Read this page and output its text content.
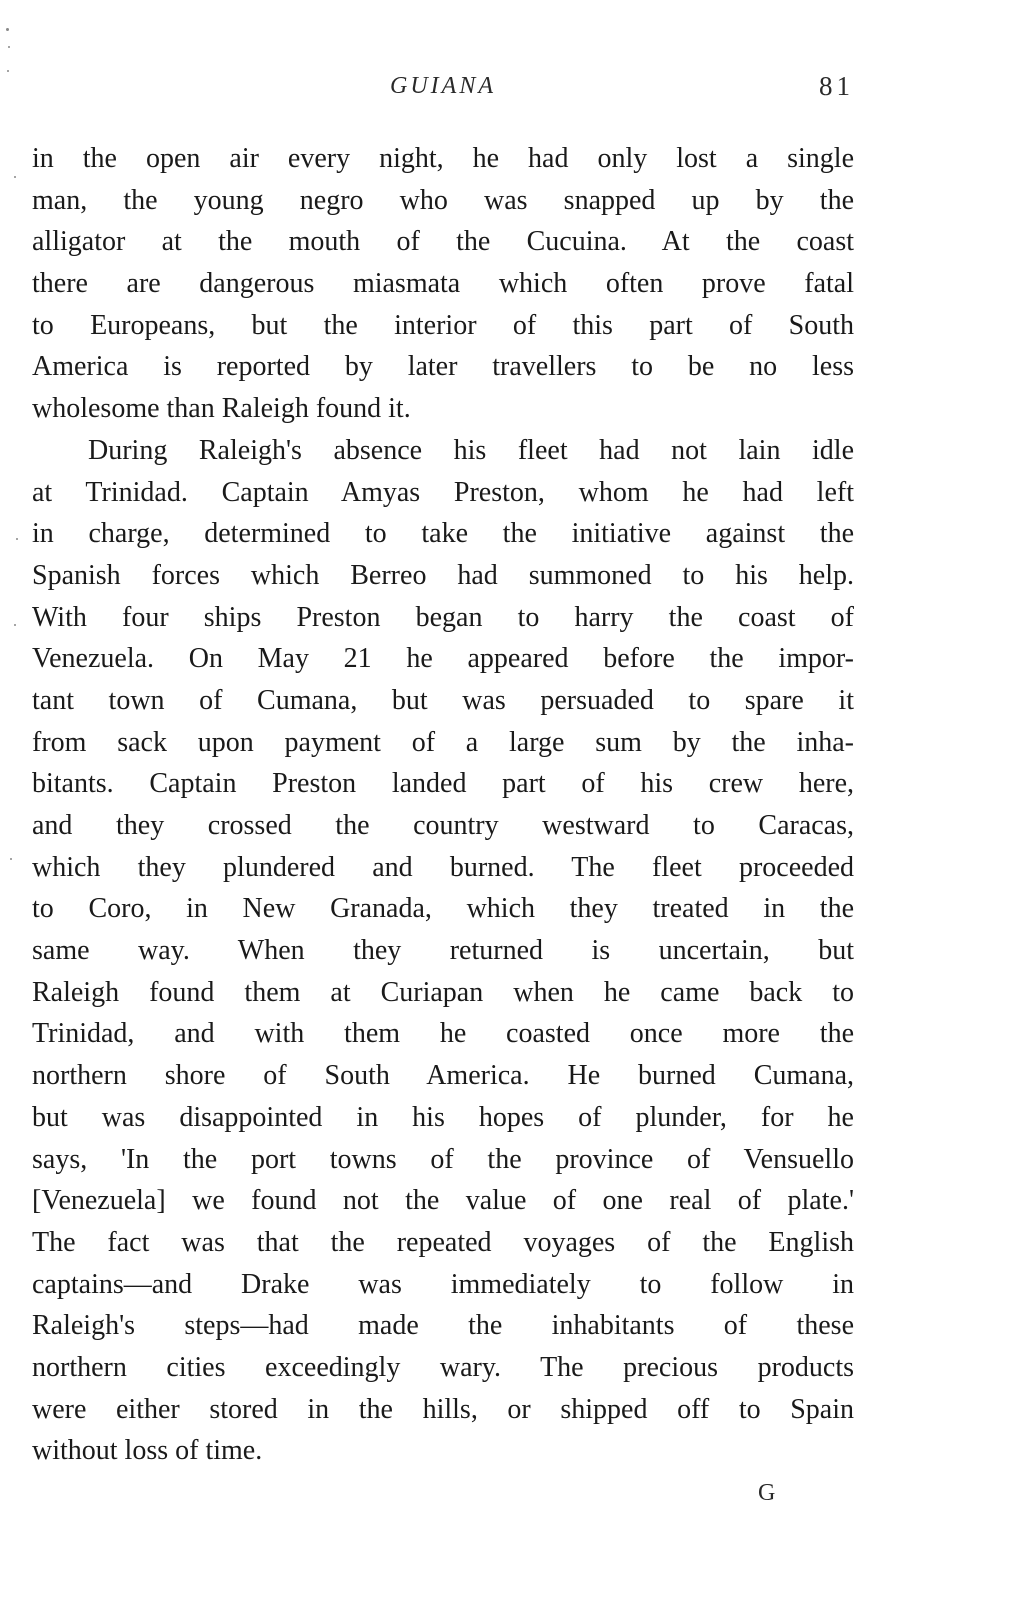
GUIANA	81
in the open air every night, he had only lost a single
man, the young negro who was snapped up by the
alligator at the mouth of the Cucuina. At the coast
there are dangerous miasmata which often prove fatal
to Europeans, but the interior of this part of South
America is reported by later travellers to be no less
wholesome than Raleigh found it.
During Raleigh's absence his fleet had not lain idle
at Trinidad. Captain Amyas Preston, whom he had left
in charge, determined to take the initiative against the
Spanish forces which Berreo had summoned to his help.
With four ships Preston began to harry the coast of
Venezuela. On May 21 he appeared before the impor-
tant town of Cumana, but was persuaded to spare it
from sack upon payment of a large sum by the inha-
bitants. Captain Preston landed part of his crew here,
and they crossed the country westward to Caracas,
which they plundered and burned. The fleet proceeded
to Coro, in New Granada, which they treated in the
same way. When they returned is uncertain, but
Raleigh found them at Curiapan when he came back to
Trinidad, and with them he coasted once more the
northern shore of South America. He burned Cumana,
but was disappointed in his hopes of plunder, for he
says, 'In the port towns of the province of Vensuello
[Venezuela] we found not the value of one real of plate.'
The fact was that the repeated voyages of the English
captains—and Drake was immediately to follow in
Raleigh's steps—had made the inhabitants of these
northern cities exceedingly wary. The precious products
were either stored in the hills, or shipped off to Spain
without loss of time.
G
